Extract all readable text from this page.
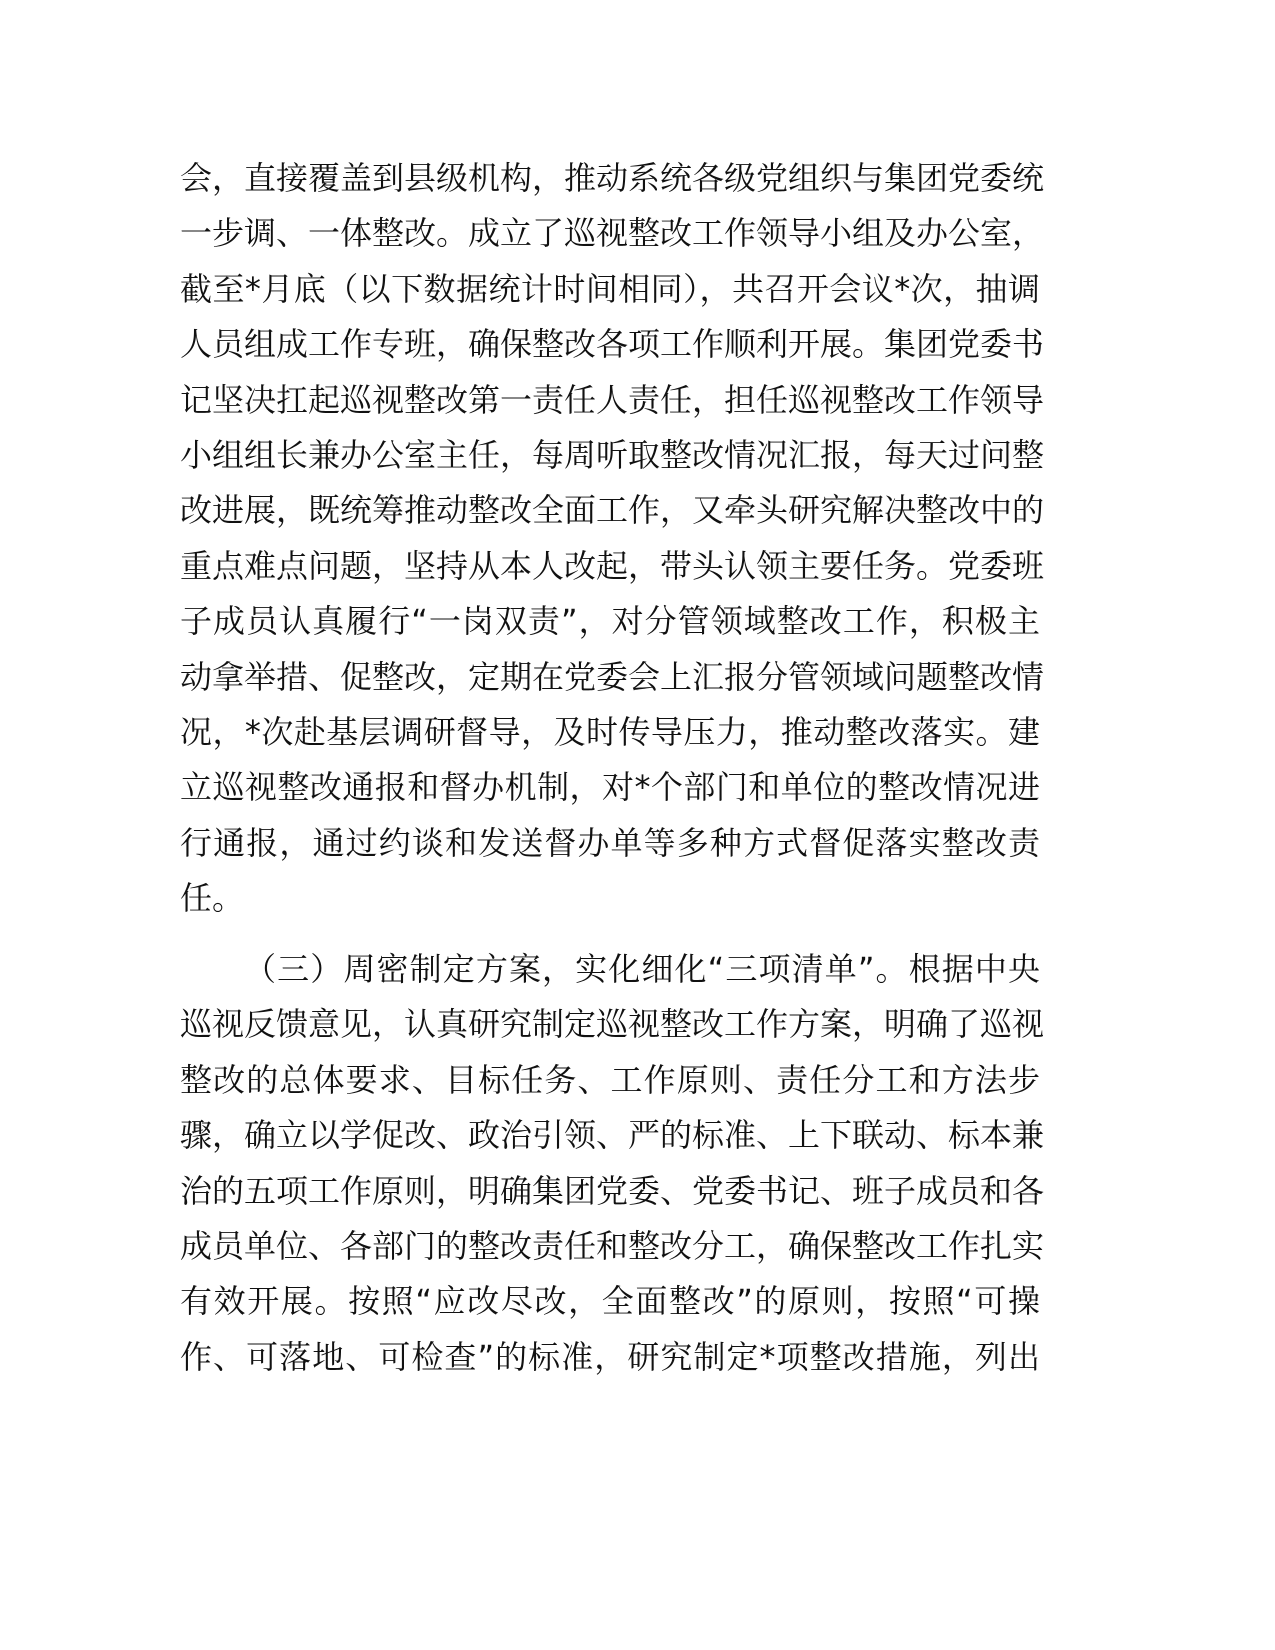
会，直接覆盖到县级机构，推动系统各级党组织与集团党委统
一步调、一体整改。成立了巡视整改工作领导小组及办公室，
截至*月底（以下数据统计时间相同），共召开会议*次，抽调
人员组成工作专班，确保整改各项工作顺利开展。集团党委书
记坚决扛起巡视整改第一责任人责任，担任巡视整改工作领导
小组组长兼办公室主任，每周听取整改情况汇报，每天过问整
改进展，既统筹推动整改全面工作，又牵头研究解决整改中的
重点难点问题，坚持从本人改起，带头认领主要任务。党委班
子成员认真履行“一岗双责”，对分管领域整改工作，积极主
动拿举措、促整改，定期在党委会上汇报分管领域问题整改情
况，*次赴基层调研督导，及时传导压力，推动整改落实。建
立巡视整改通报和督办机制，对*个部门和单位的整改情况进
行通报，通过约谈和发送督办单等多种方式督促落实整改责
任。
（三）周密制定方案，实化细化“三项清单”。根据中央
巡视反馈意见，认真研究制定巡视整改工作方案，明确了巡视
整改的总体要求、目标任务、工作原则、责任分工和方法步
骤，确立以学促改、政治引领、严的标准、上下联动、标本兼
治的五项工作原则，明确集团党委、党委书记、班子成员和各
成员单位、各部门的整改责任和整改分工，确保整改工作扎实
有效开展。按照“应改尽改，全面整改”的原则，按照“可操
作、可落地、可检查”的标准，研究制定*项整改措施，列出
